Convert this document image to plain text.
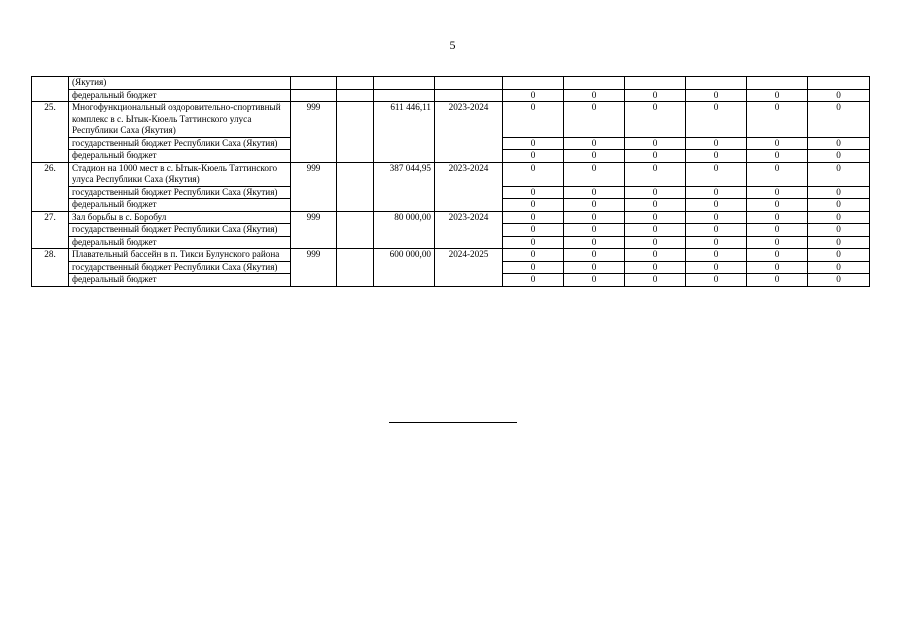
5
	(Якутия)										
	федеральный бюджет					0	0	0	0	0	0
25.	Многофункциональный оздоровительно-спортивный комплекс в с. Ытык-Кюель Таттинского улуса Республики Саха (Якутия)	999		611 446,11	2023-2024	0	0	0	0	0	0
	государственный бюджет Республики Саха (Якутия)					0	0	0	0	0	0
	федеральный бюджет					0	0	0	0	0	0
26.	Стадион на 1000 мест в с. Ытык-Кюель Таттинского улуса Республики Саха (Якутия)	999		387 044,95	2023-2024	0	0	0	0	0	0
	государственный бюджет Республики Саха (Якутия)					0	0	0	0	0	0
	федеральный бюджет					0	0	0	0	0	0
27.	Зал борьбы в с. Боробул	999		80 000,00	2023-2024	0	0	0	0	0	0
	государственный бюджет Республики Саха (Якутия)					0	0	0	0	0	0
	федеральный бюджет					0	0	0	0	0	0
28.	Плавательный бассейн в п. Тикси Булунского района	999		600 000,00	2024-2025	0	0	0	0	0	0
	государственный бюджет Республики Саха (Якутия)					0	0	0	0	0	0
	федеральный бюджет					0	0	0	0	0	0
